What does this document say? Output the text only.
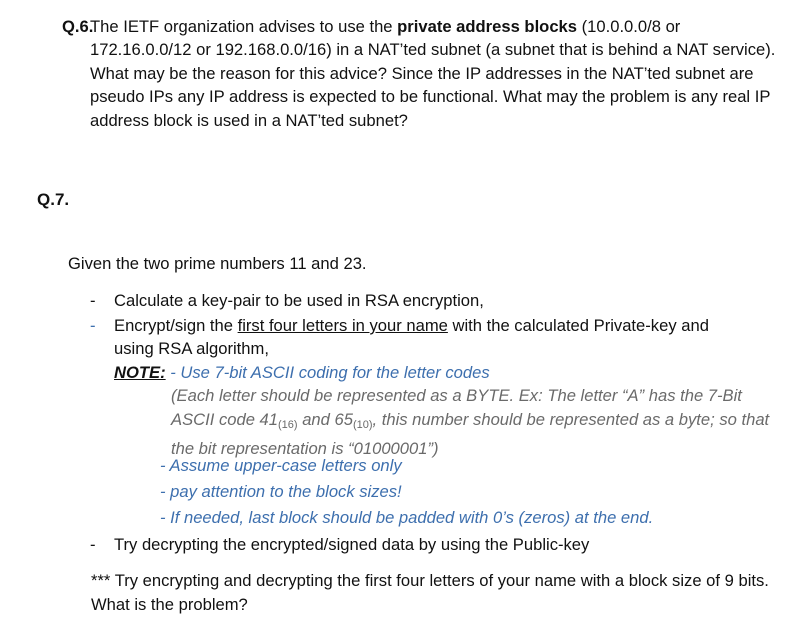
Q.6.
The IETF organization advises to use the private address blocks (10.0.0.0/8 or 172.16.0.0/12 or 192.168.0.0/16) in a NAT’ted subnet (a subnet that is behind a NAT service). What may be the reason for this advice? Since the IP addresses in the NAT’ted subnet are pseudo IPs any IP address is expected to be functional. What may the problem is any real IP address block is used in a NAT’ted subnet?
Q.7.
Given the two prime numbers 11 and 23.
- Calculate a key-pair to be used in RSA encryption,
- Encrypt/sign the first four letters in your name with the calculated Private-key and
using RSA algorithm,
NOTE: - Use 7-bit ASCII coding for the letter codes
(Each letter should be represented as a BYTE. Ex: The letter “A” has the 7-Bit ASCII code $41_{(16)}$ and $65_{(10)}$, this number should be represented as a byte; so that the bit representation is “01000001”)
- Assume upper-case letters only
- pay attention to the block sizes!
- If needed, last block should be padded with 0’s (zeros) at the end.
- Try decrypting the encrypted/signed data by using the Public-key
*** Try encrypting and decrypting the first four letters of your name with a block size of 9 bits. What is the problem?
